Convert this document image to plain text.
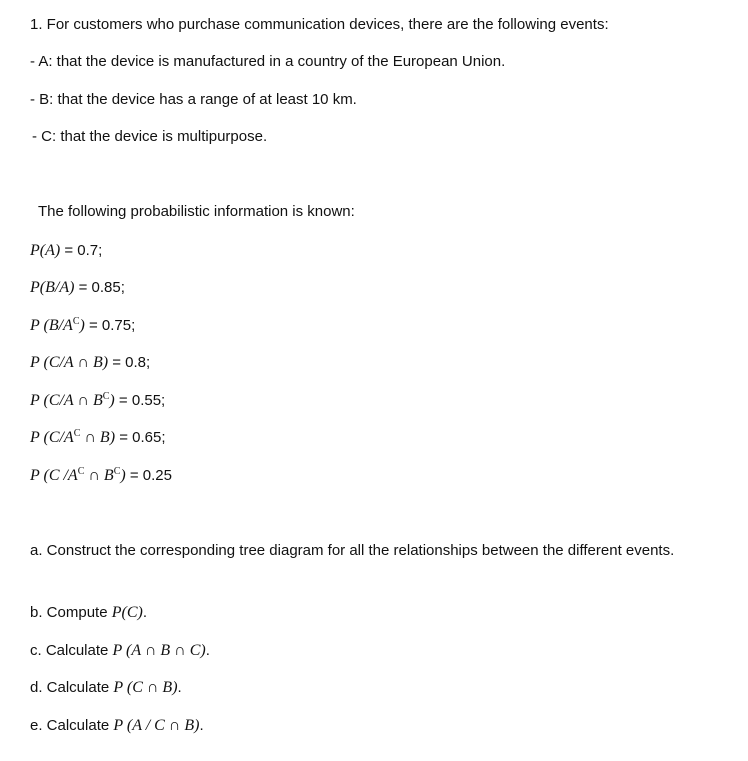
1. For customers who purchase communication devices, there are the following events:
- A: that the device is manufactured in a country of the European Union.
- B: that the device has a range of at least 10 km.
- C: that the device is multipurpose.
The following probabilistic information is known:
P(A) = 0.7;
P(B/A) = 0.85;
P $(B/A^C) = 0.75$;
P (C/A ∩ B) = 0.8;
P (C/A ∩ $B^C) = 0.55$;
P ($C/A^C$ ∩ B) = 0.65;
P (C $/A^C$ ∩ $B^C) = 0.25$
a. Construct the corresponding tree diagram for all the relationships between the different events.
b. Compute P(C).
c. Calculate P (A ∩ B ∩ C).
d. Calculate P (C ∩ B).
e. Calculate P (A / C ∩ B).
